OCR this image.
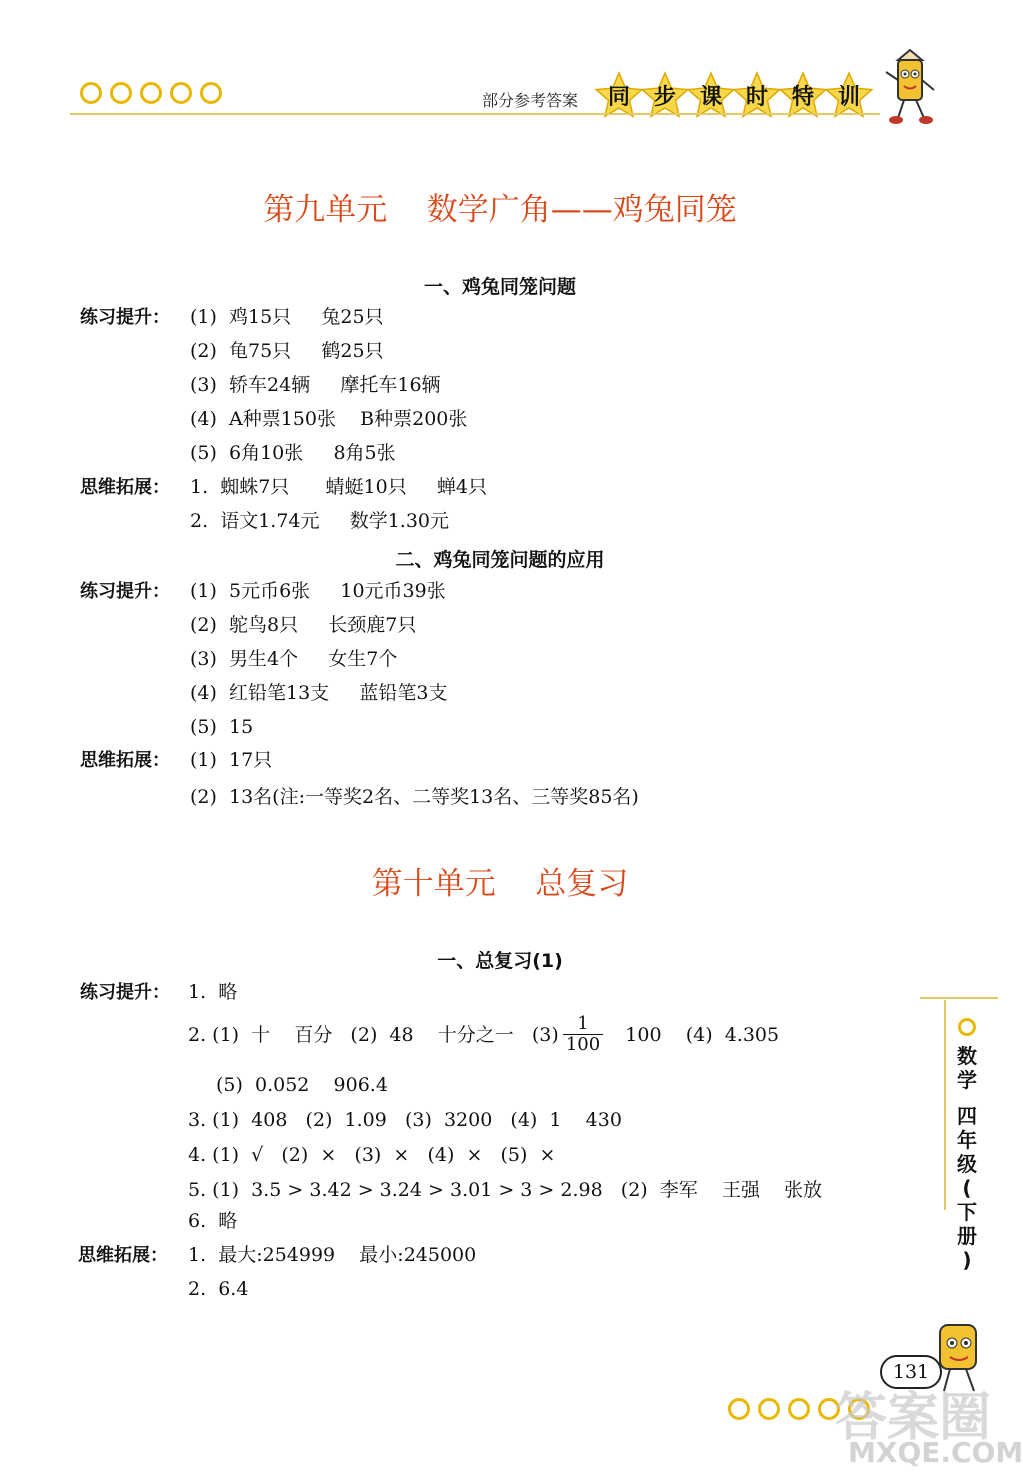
部分参考答案 同 步 课 时 特 训
第九单元    数学广角——鸡兔同笼
一、鸡兔同笼问题
练习提升： (1)  鸡15只     兔25只
(2)  龟75只     鹤25只
(3)  轿车24辆     摩托车16辆
(4)  A种票150张    B种票200张
(5)  6角10张     8角5张
思维拓展： 1.  蜘蛛7只      蜻蜓10只     蝉4只
2.  语文1.74元     数学1.30元
二、鸡兔同笼问题的应用
练习提升： (1)  5元币6张     10元币39张
(2)  鸵鸟8只     长颈鹿7只
(3)  男生4个     女生7个
(4)  红铅笔13支     蓝铅笔3支
(5)  15
思维拓展： (1)  17只
(2)  13名(注:一等奖2名、二等奖13名、三等奖85名)
第十单元    总复习
一、总复习(1)
练习提升： 1.  略
2. (1)  十    百分   (2)  48    十分之一   $(3) \frac{1}{100} 100$    (4)  4.305
(5)  0.052    906.4
3. (1)  408   (2)  1.09   (3)  3200   (4)  1    430
4. (1)  √   (2)  ×   (3)  ×   (4)  ×   (5)  ×
5. (1)  3.5 > 3.42 > 3.24 > 3.01 > 3 > 2.98   (2)  李军    王强    张放
6.  略
思维拓展： 1.  最大:254999    最小:245000
2.  6.4
数
学
四
年
级
(
下
册
)
131
答案圈
MXQE.COM
